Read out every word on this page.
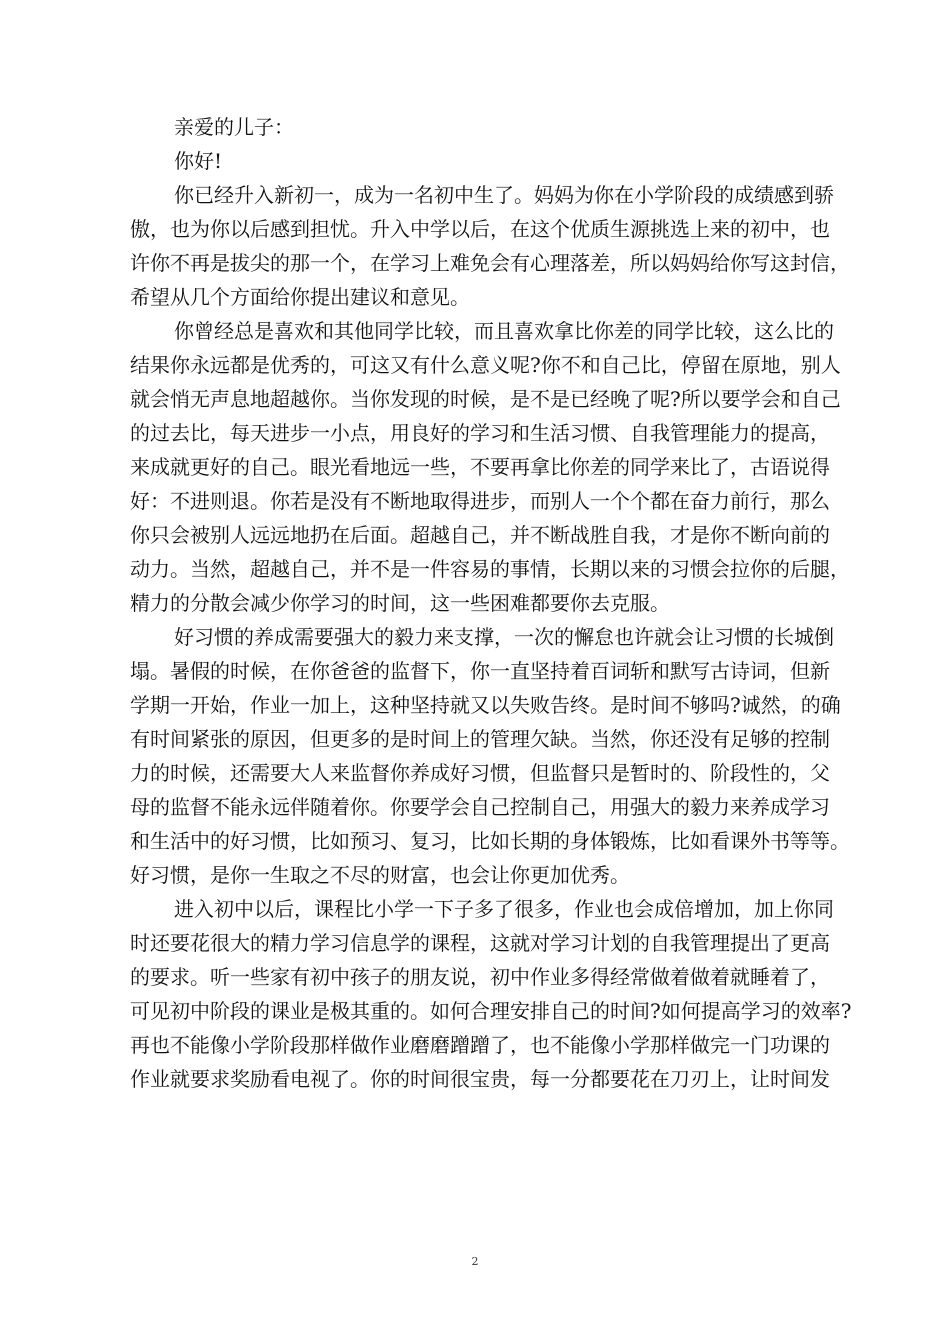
亲爱的儿子：
你好!
你已经升入新初一，成为一名初中生了。妈妈为你在小学阶段的成绩感到骄
傲，也为你以后感到担忧。升入中学以后，在这个优质生源挑选上来的初中，也
许你不再是拔尖的那一个，在学习上难免会有心理落差，所以妈妈给你写这封信，
希望从几个方面给你提出建议和意见。
你曾经总是喜欢和其他同学比较，而且喜欢拿比你差的同学比较，这么比的
结果你永远都是优秀的，可这又有什么意义呢?你不和自己比，停留在原地，别人
就会悄无声息地超越你。当你发现的时候，是不是已经晚了呢?所以要学会和自己
的过去比，每天进步一小点，用良好的学习和生活习惯、自我管理能力的提高，
来成就更好的自己。眼光看地远一些，不要再拿比你差的同学来比了，古语说得
好：不进则退。你若是没有不断地取得进步，而别人一个个都在奋力前行，那么
你只会被别人远远地扔在后面。超越自己，并不断战胜自我，才是你不断向前的
动力。当然，超越自己，并不是一件容易的事情，长期以来的习惯会拉你的后腿，
精力的分散会减少你学习的时间，这一些困难都要你去克服。
好习惯的养成需要强大的毅力来支撑，一次的懈怠也许就会让习惯的长城倒
塌。暑假的时候，在你爸爸的监督下，你一直坚持着百词斩和默写古诗词，但新
学期一开始，作业一加上，这种坚持就又以失败告终。是时间不够吗?诚然，的确
有时间紧张的原因，但更多的是时间上的管理欠缺。当然，你还没有足够的控制
力的时候，还需要大人来监督你养成好习惯，但监督只是暂时的、阶段性的，父
母的监督不能永远伴随着你。你要学会自己控制自己，用强大的毅力来养成学习
和生活中的好习惯，比如预习、复习，比如长期的身体锻炼，比如看课外书等等。
好习惯，是你一生取之不尽的财富，也会让你更加优秀。
进入初中以后，课程比小学一下子多了很多，作业也会成倍增加，加上你同
时还要花很大的精力学习信息学的课程，这就对学习计划的自我管理提出了更高
的要求。听一些家有初中孩子的朋友说，初中作业多得经常做着做着就睡着了，
可见初中阶段的课业是极其重的。如何合理安排自己的时间?如何提高学习的效率?
再也不能像小学阶段那样做作业磨磨蹭蹭了，也不能像小学那样做完一门功课的
作业就要求奖励看电视了。你的时间很宝贵，每一分都要花在刀刃上，让时间发
2
